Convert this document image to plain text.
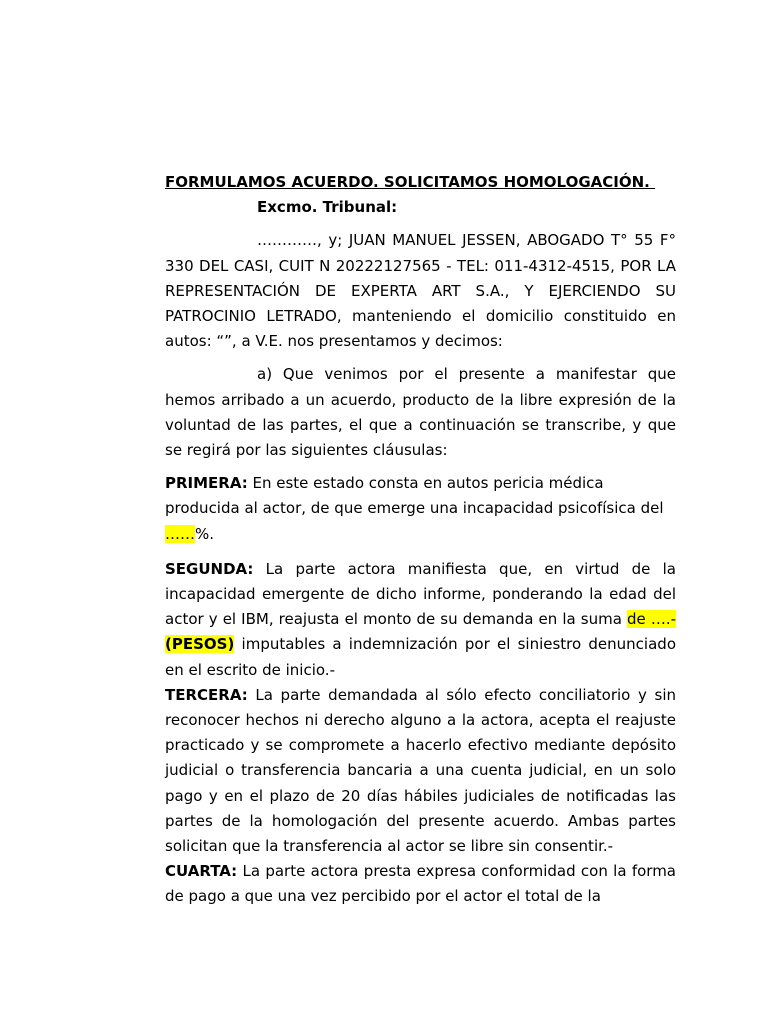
FORMULAMOS ACUERDO. SOLICITAMOS HOMOLOGACIÓN.

Excmo. Tribunal:

…………, y; JUAN MANUEL JESSEN, ABOGADO T° 55 F° 330 DEL CASI, CUIT N 20222127565 - TEL: 011-4312-4515, POR LA REPRESENTACIÓN DE EXPERTA ART S.A., Y EJERCIENDO SU PATROCINIO LETRADO, manteniendo el domicilio constituido en autos: “”, a V.E. nos presentamos y decimos:

a) Que venimos por el presente a manifestar que hemos arribado a un acuerdo, producto de la libre expresión de la voluntad de las partes, el que a continuación se transcribe, y que se regirá por las siguientes cláusulas:

PRIMERA: En este estado consta en autos pericia médica producida al actor, de que emerge una incapacidad psicofísica del ……%.

SEGUNDA: La parte actora manifiesta que, en virtud de la incapacidad emergente de dicho informe, ponderando la edad del actor y el IBM, reajusta el monto de su demanda en la suma de ….- (PESOS) imputables a indemnización por el siniestro denunciado en el escrito de inicio.-

TERCERA: La parte demandada al sólo efecto conciliatorio y sin reconocer hechos ni derecho alguno a la actora, acepta el reajuste practicado y se compromete a hacerlo efectivo mediante depósito judicial o transferencia bancaria a una cuenta judicial, en un solo pago y en el plazo de 20 días hábiles judiciales de notificadas las partes de la homologación del presente acuerdo. Ambas partes solicitan que la transferencia al actor se libre sin consentir.-

CUARTA: La parte actora presta expresa conformidad con la forma de pago a que una vez percibido por el actor el total de la
